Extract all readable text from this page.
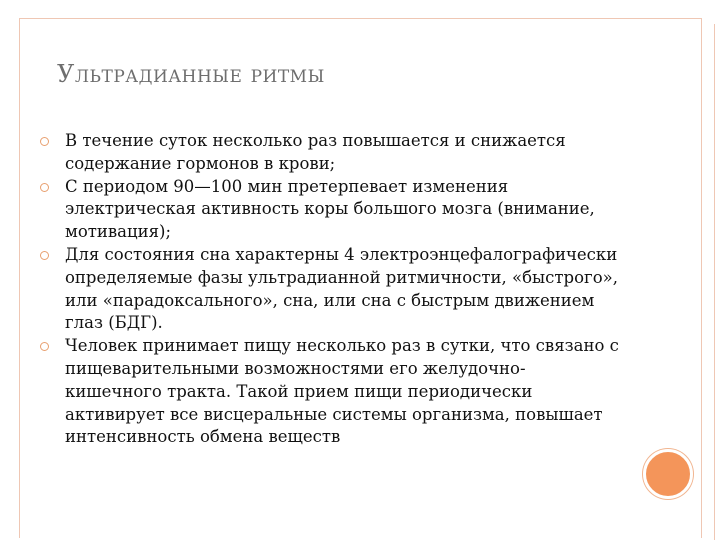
Ультрадианные ритмы
В течение суток несколько раз повышается и снижается содержание гормонов в крови;
С периодом 90—100 мин претерпевает изменения электрическая активность коры большого мозга (внимание, мотивация);
Для состояния сна характерны 4 электроэнцефалографически определяемые фазы ультрадианной ритмичности, «быстрого», или «парадоксального», сна, или сна с быстрым движением глаз (БДГ).
Человек принимает пищу несколько раз в сутки, что связано с пищеварительными возможностями его желудочно-кишечного тракта. Такой прием пищи периодически активирует все висцеральные системы организма, повышает интенсивность обмена веществ
